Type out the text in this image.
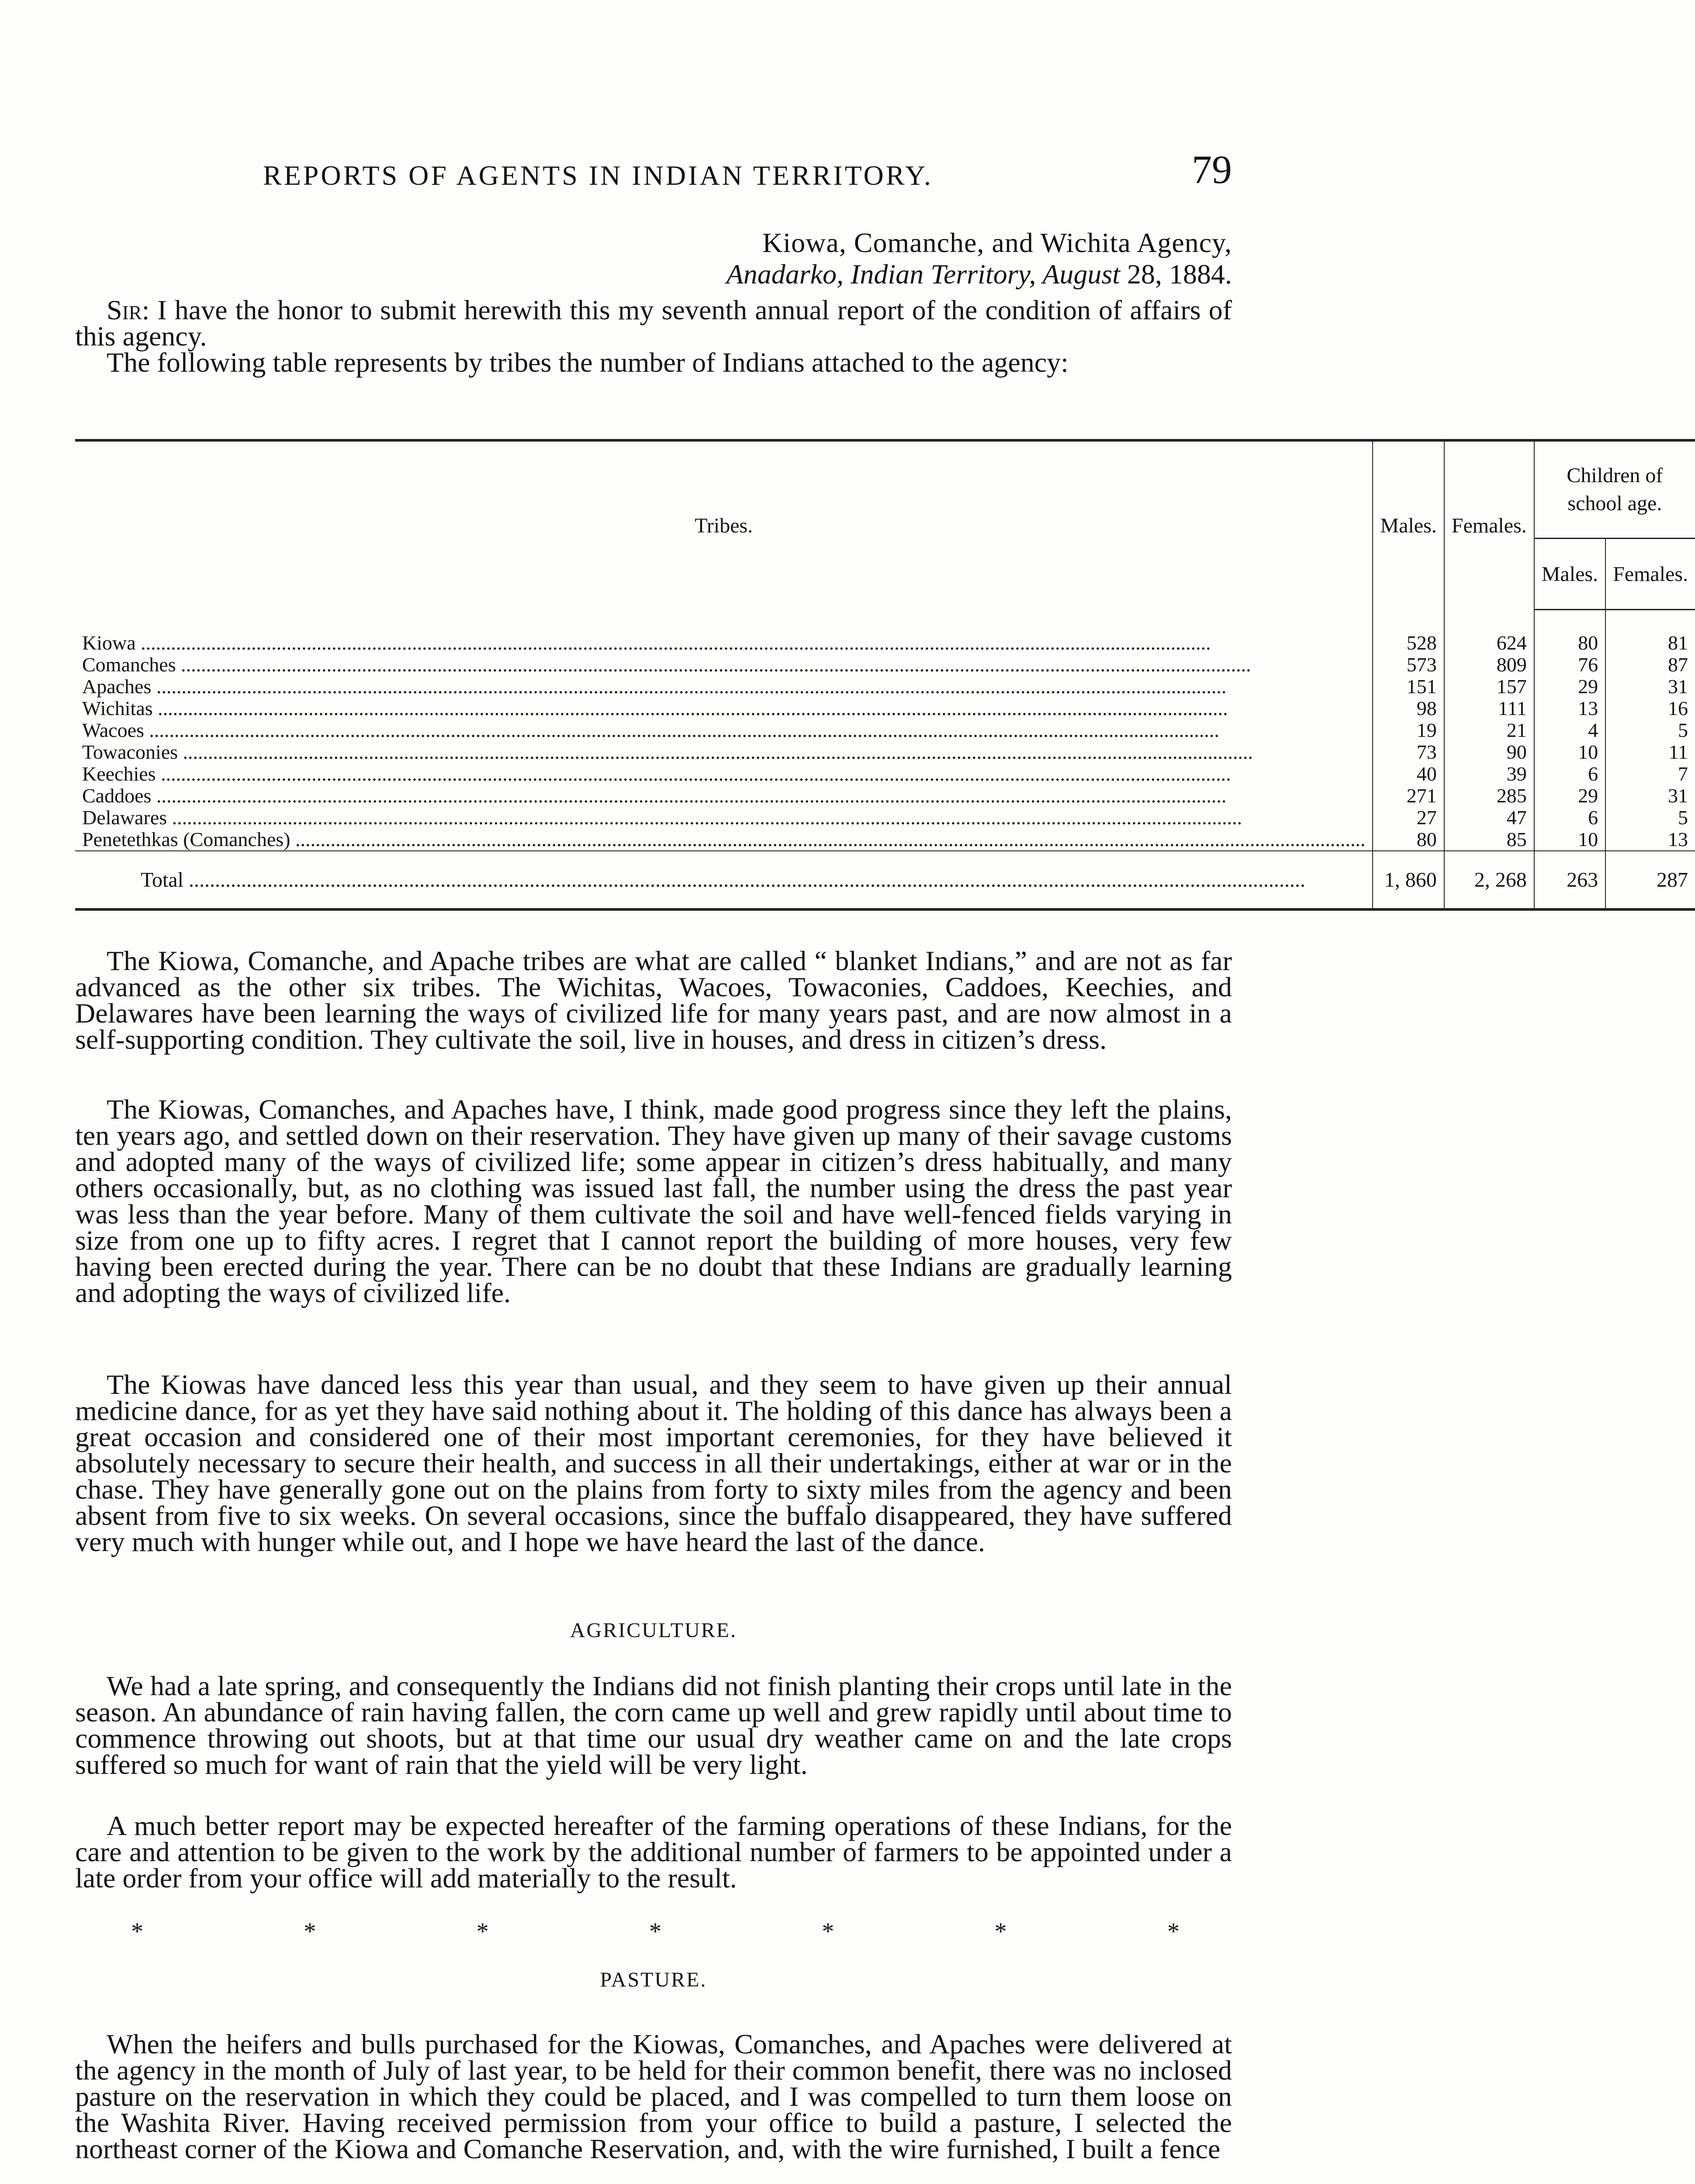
REPORTS OF AGENTS IN INDIAN TERRITORY.	79
Kiowa, Comanche, and Wichita Agency,
Anadarko, Indian Territory, August 28, 1884.

Sir: I have the honor to submit herewith this my seventh annual report of the condition of affairs of this agency.

The following table represents by tribes the number of Indians attached to the agency:

Tribes.	Males.	Females.	Children of school age.	
			Males.	Females.

Kiowa .....	528	624	80	81
Comanches .....	573	809	76	87
Apaches .....	151	157	29	31
Wichitas .....	98	111	13	16
Wacoes .....	19	21	4	5
Towaconies .....	73	90	10	11
Keechies .....	40	39	6	7
Caddoes .....	271	285	29	31
Delawares .....	27	47	6	5
Penetethkas (Comanches) .....	80	85	10	13
Total .....	1, 860	2, 268	263	287

The Kiowa, Comanche, and Apache tribes are what are called “ blanket Indians,” and are not as far advanced as the other six tribes. The Wichitas, Wacoes, Towaconies, Caddoes, Keechies, and Delawares have been learning the ways of civilized life for many years past, and are now almost in a self-supporting condition. They cultivate the soil, live in houses, and dress in citizen’s dress.

The Kiowas, Comanches, and Apaches have, I think, made good progress since they left the plains, ten years ago, and settled down on their reservation. They have given up many of their savage customs and adopted many of the ways of civilized life; some appear in citizen’s dress habitually, and many others occasionally, but, as no clothing was issued last fall, the number using the dress the past year was less than the year before. Many of them cultivate the soil and have well-fenced fields varying in size from one up to fifty acres. I regret that I cannot report the building of more houses, very few having been erected during the year. There can be no doubt that these Indians are gradually learning and adopting the ways of civilized life.

The Kiowas have danced less this year than usual, and they seem to have given up their annual medicine dance, for as yet they have said nothing about it. The holding of this dance has always been a great occasion and considered one of their most important ceremonies, for they have believed it absolutely necessary to secure their health, and success in all their undertakings, either at war or in the chase. They have generally gone out on the plains from forty to sixty miles from the agency and been absent from five to six weeks. On several occasions, since the buffalo disappeared, they have suffered very much with hunger while out, and I hope we have heard the last of the dance.

AGRICULTURE.

We had a late spring, and consequently the Indians did not finish planting their crops until late in the season. An abundance of rain having fallen, the corn came up well and grew rapidly until about time to commence throwing out shoots, but at that time our usual dry weather came on and the late crops suffered so much for want of rain that the yield will be very light.

A much better report may be expected hereafter of the farming operations of these Indians, for the care and attention to be given to the work by the additional number of farmers to be appointed under a late order from your office will add materially to the result.

*	*	*	*	*	*	*
PASTURE.

When the heifers and bulls purchased for the Kiowas, Comanches, and Apaches were delivered at the agency in the month of July of last year, to be held for their common benefit, there was no inclosed pasture on the reservation in which they could be placed, and I was compelled to turn them loose on the Washita River. Having received permission from your office to build a pasture, I selected the northeast corner of the Kiowa and Comanche Reservation, and, with the wire furnished, I built a fence
